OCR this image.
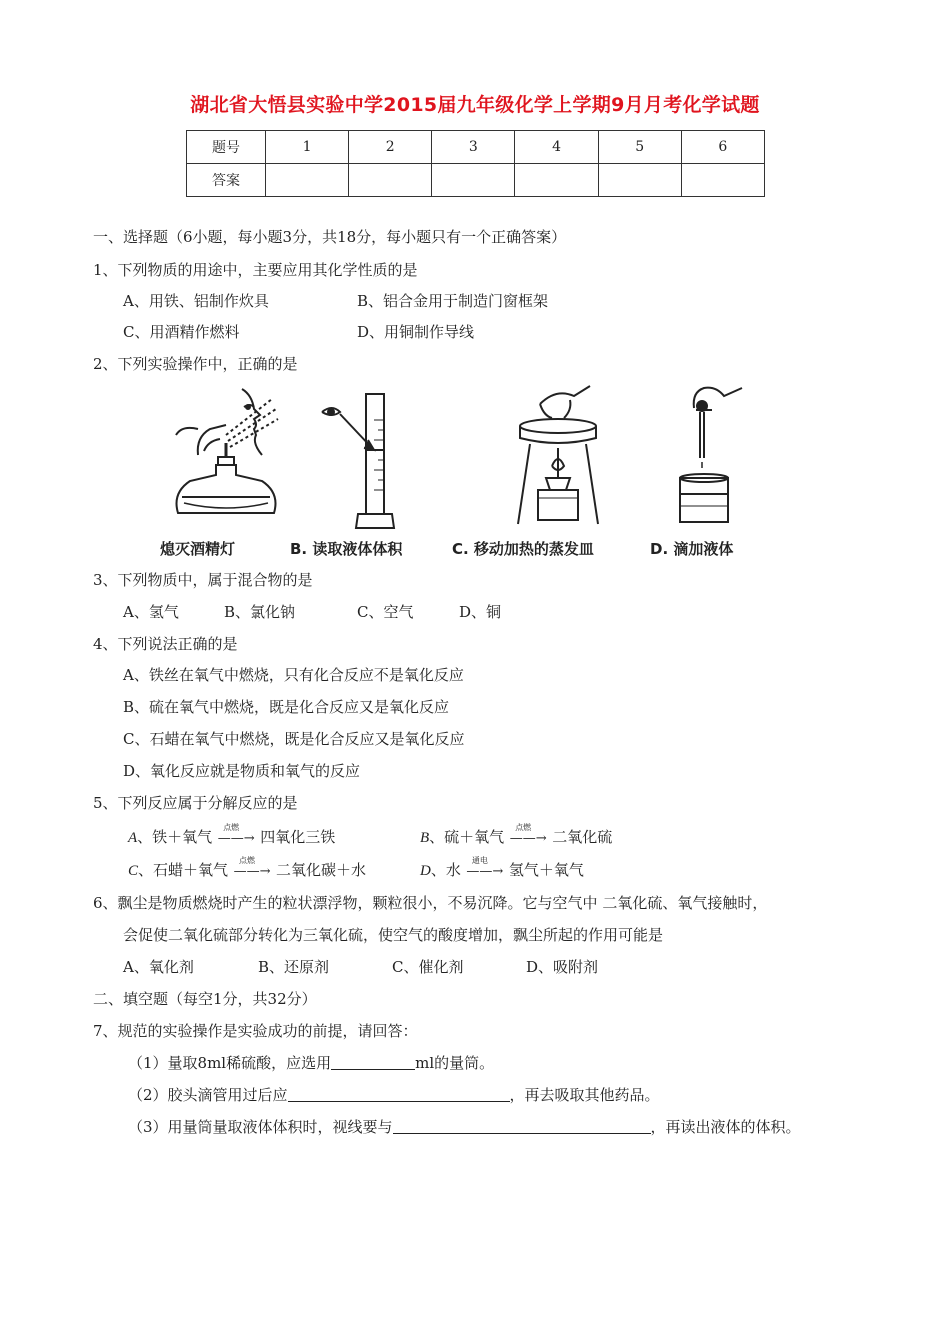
湖北省大悟县实验中学2015届九年级化学上学期9月月考化学试题
题号	1	2	3	4	5	6
答案						
一、选择题（6小题，每小题3分，共18分，每小题只有一个正确答案）
1、下列物质的用途中，主要应用其化学性质的是
A、用铁、铝制作炊具	B、铝合金用于制造门窗框架
C、用酒精作燃料	D、用铜制作导线
2、下列实验操作中，正确的是
熄灭酒精灯	B. 读取液体体积	C. 移动加热的蒸发皿	D. 滴加液体
3、下列物质中，属于混合物的是
A、氢气	B、氯化钠	C、空气	D、铜
4、下列说法正确的是
A、铁丝在氧气中燃烧，只有化合反应不是氧化反应
B、硫在氧气中燃烧，既是化合反应又是氧化反应
C、石蜡在氧气中燃烧，既是化合反应又是氧化反应
D、氧化反应就是物质和氧气的反应
5、下列反应属于分解反应的是
A、铁＋氧气
点燃
——→ 四氧化三铁	B、硫＋氧气
点燃
——→ 二氧化硫
C、石蜡＋氧气
点燃
——→ 二氧化碳＋水	D、水
通电
——→ 氢气＋氧气
6、飘尘是物质燃烧时产生的粒状漂浮物，颗粒很小，不易沉降。它与空气中 二氧化硫、氧气接触时，
会促使二氧化硫部分转化为三氧化硫，使空气的酸度增加，飘尘所起的作用可能是
A、氧化剂	B、还原剂	C、催化剂	D、吸附剂
二、填空题（每空1分，共32分）
7、规范的实验操作是实验成功的前提，请回答：
（1）量取8ml稀硫酸，应选用	ml的量筒。
（2）胶头滴管用过后应	，再去吸取其他药品。
（3）用量筒量取液体体积时，视线要与	，再读出液体的体积。
